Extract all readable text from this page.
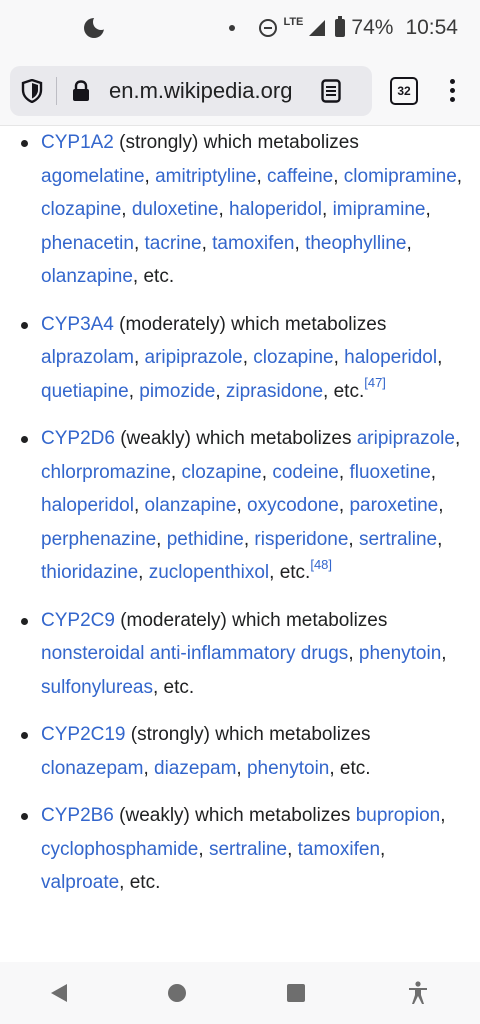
LTE 74% 10:54
en.m.wikipedia.org	32
CYP1A2 (strongly) which metabolizes agomelatine, amitriptyline, caffeine, clomipramine, clozapine, duloxetine, haloperidol, imipramine, phenacetin, tacrine, tamoxifen, theophylline, olanzapine, etc.
CYP3A4 (moderately) which metabolizes alprazolam, aripiprazole, clozapine, haloperidol, quetiapine, pimozide, ziprasidone, etc.[47]
CYP2D6 (weakly) which metabolizes aripiprazole, chlorpromazine, clozapine, codeine, fluoxetine, haloperidol, olanzapine, oxycodone, paroxetine, perphenazine, pethidine, risperidone, sertraline, thioridazine, zuclopenthixol, etc.[48]
CYP2C9 (moderately) which metabolizes nonsteroidal anti-inflammatory drugs, phenytoin, sulfonylureas, etc.
CYP2C19 (strongly) which metabolizes clonazepam, diazepam, phenytoin, etc.
CYP2B6 (weakly) which metabolizes bupropion, cyclophosphamide, sertraline, tamoxifen, valproate, etc.
